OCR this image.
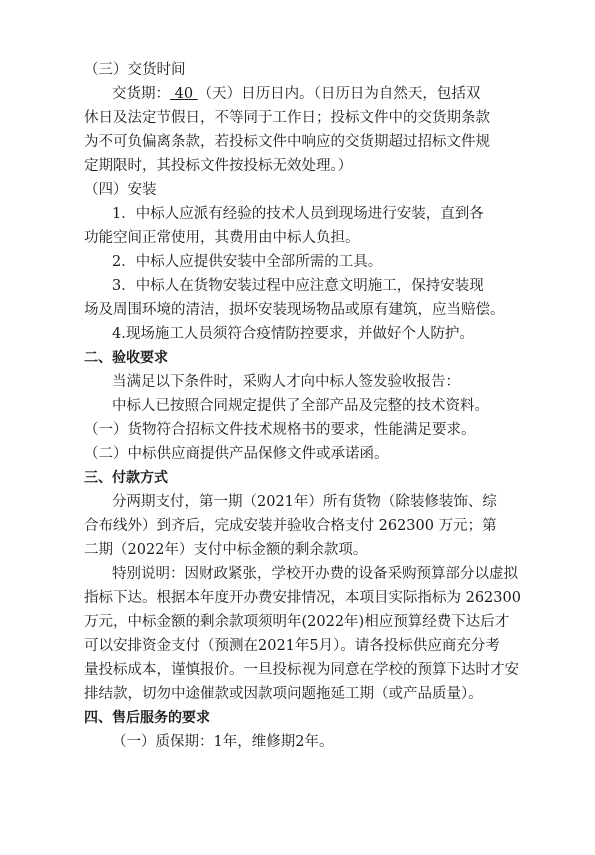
（三）交货时间
交货期： 40 （天）日历日内。（日历日为自然天，包括双
休日及法定节假日，不等同于工作日；投标文件中的交货期条款
为不可负偏离条款，若投标文件中响应的交货期超过招标文件规
定期限时，其投标文件按投标无效处理。）
（四）安装
1．中标人应派有经验的技术人员到现场进行安装，直到各
功能空间正常使用，其费用由中标人负担。
2．中标人应提供安装中全部所需的工具。
3．中标人在货物安装过程中应注意文明施工，保持安装现
场及周围环境的清洁，损坏安装现场物品或原有建筑，应当赔偿。
4.现场施工人员须符合疫情防控要求，并做好个人防护。
二、验收要求
当满足以下条件时，采购人才向中标人签发验收报告：
中标人已按照合同规定提供了全部产品及完整的技术资料。
（一）货物符合招标文件技术规格书的要求，性能满足要求。
（二）中标供应商提供产品保修文件或承诺函。
三、付款方式
分两期支付，第一期（2021年）所有货物（除装修装饰、综
合布线外）到齐后，完成安装并验收合格支付 262300 万元；第
二期（2022年）支付中标金额的剩余款项。
特别说明：因财政紧张，学校开办费的设备采购预算部分以虚拟
指标下达。根据本年度开办费安排情况，本项目实际指标为 262300
万元，中标金额的剩余款项须明年(2022年)相应预算经费下达后才
可以安排资金支付（预测在2021年5月）。请各投标供应商充分考
量投标成本，谨慎报价。一旦投标视为同意在学校的预算下达时才安
排结款，切勿中途催款或因款项问题拖延工期（或产品质量）。
四、售后服务的要求
（一）质保期：1年，维修期2年。
